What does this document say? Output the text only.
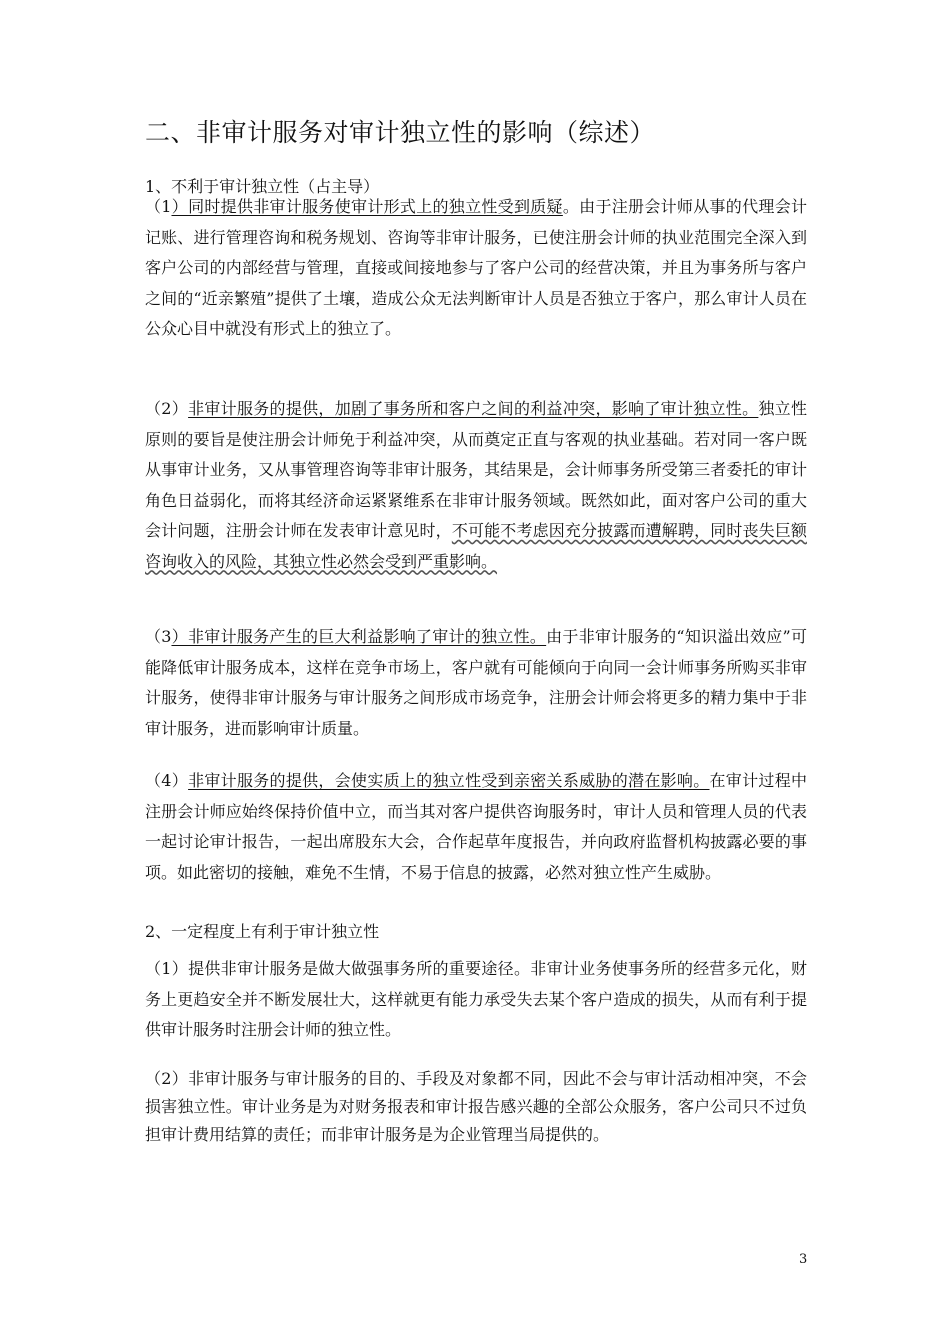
二、非审计服务对审计独立性的影响（综述）
1、不利于审计独立性（占主导）

（1）同时提供非审计服务使审计形式上的独立性受到质疑。由于注册会计师从事的代理会计记账、进行管理咨询和税务规划、咨询等非审计服务，已使注册会计师的执业范围完全深入到客户公司的内部经营与管理，直接或间接地参与了客户公司的经营决策，并且为事务所与客户之间的“近亲繁殖”提供了土壤，造成公众无法判断审计人员是否独立于客户，那么审计人员在公众心目中就没有形式上的独立了。

（2）非审计服务的提供，加剧了事务所和客户之间的利益冲突，影响了审计独立性。独立性原则的要旨是使注册会计师免于利益冲突，从而奠定正直与客观的执业基础。若对同一客户既从事审计业务，又从事管理咨询等非审计服务，其结果是，会计师事务所受第三者委托的审计角色日益弱化，而将其经济命运紧紧维系在非审计服务领域。既然如此，面对客户公司的重大会计问题，注册会计师在发表审计意见时，不可能不考虑因充分披露而遭解聘，同时丧失巨额咨询收入的风险，其独立性必然会受到严重影响。

（3）非审计服务产生的巨大利益影响了审计的独立性。由于非审计服务的“知识溢出效应”可能降低审计服务成本，这样在竞争市场上，客户就有可能倾向于向同一会计师事务所购买非审计服务，使得非审计服务与审计服务之间形成市场竞争，注册会计师会将更多的精力集中于非审计服务，进而影响审计质量。

（4）非审计服务的提供，会使实质上的独立性受到亲密关系威胁的潜在影响。在审计过程中注册会计师应始终保持价值中立，而当其对客户提供咨询服务时，审计人员和管理人员的代表一起讨论审计报告，一起出席股东大会，合作起草年度报告，并向政府监督机构披露必要的事项。如此密切的接触，难免不生情，不易于信息的披露，必然对独立性产生威胁。

2、一定程度上有利于审计独立性

（1）提供非审计服务是做大做强事务所的重要途径。非审计业务使事务所的经营多元化，财务上更趋安全并不断发展壮大，这样就更有能力承受失去某个客户造成的损失，从而有利于提供审计服务时注册会计师的独立性。

（2）非审计服务与审计服务的目的、手段及对象都不同，因此不会与审计活动相冲突，不会损害独立性。审计业务是为对财务报表和审计报告感兴趣的全部公众服务，客户公司只不过负担审计费用结算的责任；而非审计服务是为企业管理当局提供的。

3
